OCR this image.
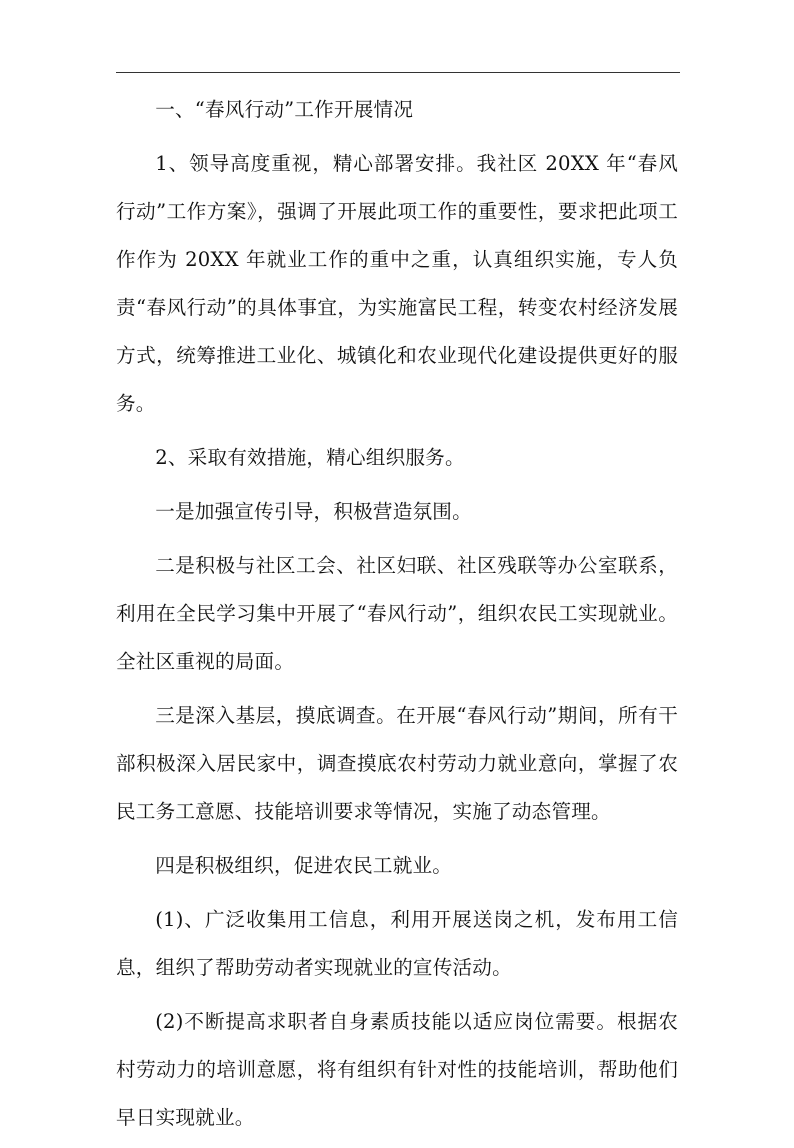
一、“春风行动”工作开展情况

1、领导高度重视，精心部署安排。我社区 20XX 年“春风行动”工作方案》，强调了开展此项工作的重要性，要求把此项工作作为 20XX 年就业工作的重中之重，认真组织实施，专人负责“春风行动”的具体事宜，为实施富民工程，转变农村经济发展方式，统筹推进工业化、城镇化和农业现代化建设提供更好的服务。

2、采取有效措施，精心组织服务。

一是加强宣传引导，积极营造氛围。

二是积极与社区工会、社区妇联、社区残联等办公室联系，利用在全民学习集中开展了“春风行动”，组织农民工实现就业。全社区重视的局面。

三是深入基层，摸底调查。在开展“春风行动”期间，所有干部积极深入居民家中，调查摸底农村劳动力就业意向，掌握了农民工务工意愿、技能培训要求等情况，实施了动态管理。

四是积极组织，促进农民工就业。

(1)、广泛收集用工信息，利用开展送岗之机，发布用工信息，组织了帮助劳动者实现就业的宣传活动。

(2)不断提高求职者自身素质技能以适应岗位需要。根据农村劳动力的培训意愿，将有组织有针对性的技能培训，帮助他们早日实现就业。
